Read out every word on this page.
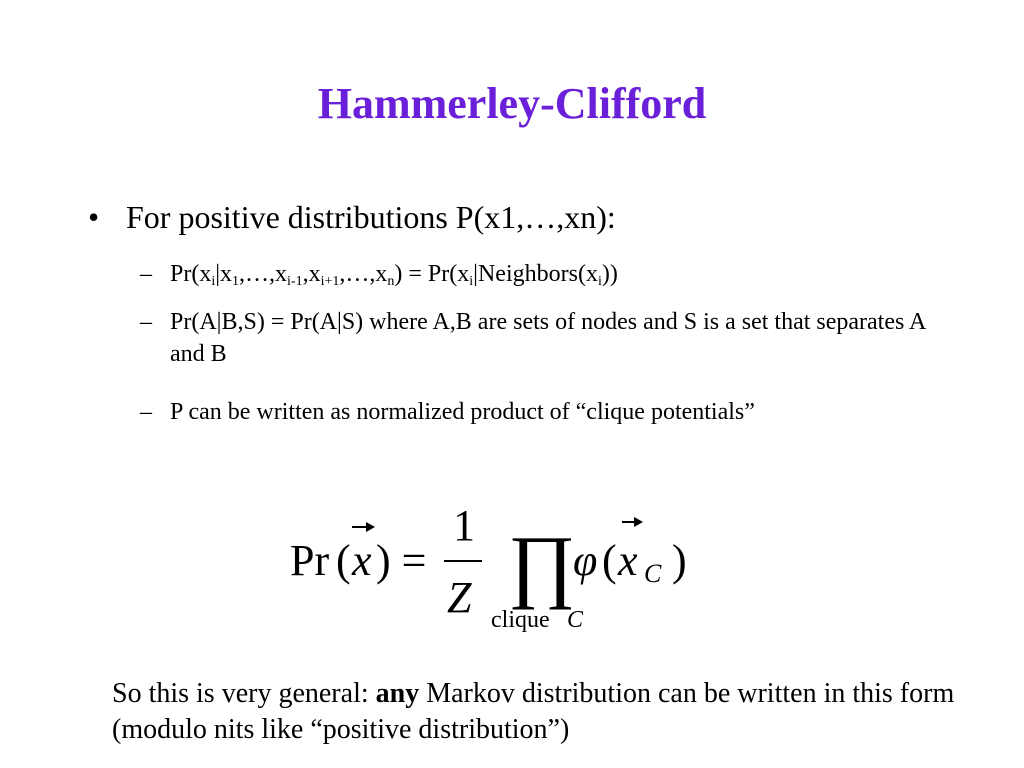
Hammerley-Clifford
• For positive distributions P(x1,…,xn):
– $Pr(x_i|x_1,\dots,x_{i-1},x_{i+1},\dots,x_n)$ = $Pr(x_i|Neighbors(x_i))$
– Pr(A|B,S) = Pr(A|S) where A,B are sets of nodes and S is a set that separates A and B
– P can be written as normalized product of “clique potentials”
Pr ( x ) =
1
Z ∏
φ ( x C )
clique C
So this is very general: any Markov distribution can be written in this form (modulo nits like “positive distribution”)
